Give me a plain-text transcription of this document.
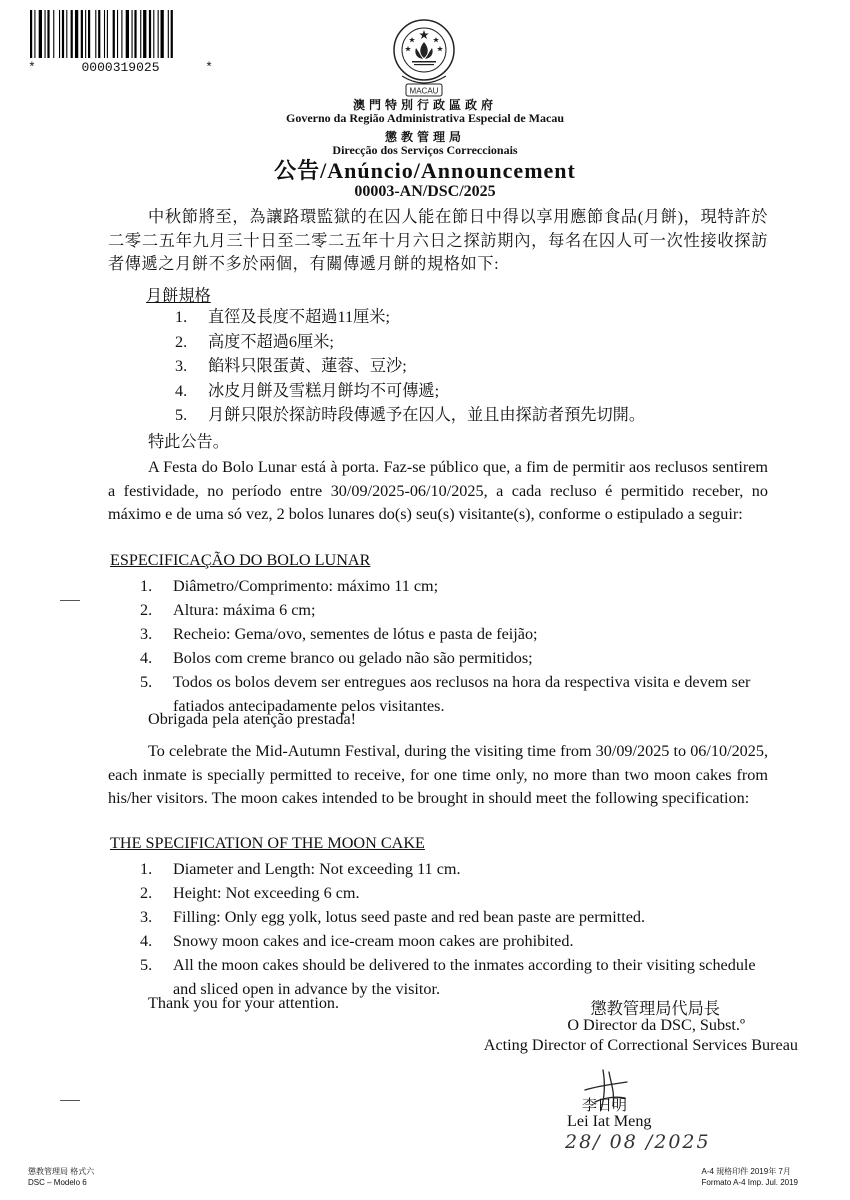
*	0000319025	*
MACAU
澳門特別行政區政府
Governo da Região Administrativa Especial de Macau
懲教管理局
Direcção dos Serviços Correccionais
公告/Anúncio/Announcement
00003-AN/DSC/2025

中秋節將至，為讓路環監獄的在囚人能在節日中得以享用應節食品(月餅)，現特許於二零二五年九月三十日至二零二五年十月六日之探訪期內，每名在囚人可一次性接收探訪者傳遞之月餅不多於兩個，有關傳遞月餅的規格如下:

月餅規格
1.	直徑及長度不超過11厘米;
2.	高度不超過6厘米;
3.	餡料只限蛋黃、蓮蓉、豆沙;
4.	冰皮月餅及雪糕月餅均不可傳遞;
5.	月餅只限於探訪時段傳遞予在囚人，並且由探訪者預先切開。
特此公告。

A Festa do Bolo Lunar está à porta. Faz-se público que, a fim de permitir aos reclusos sentirem a festividade, no período entre 30/09/2025-06/10/2025, a cada recluso é permitido receber, no máximo e de uma só vez, 2 bolos lunares do(s) seu(s) visitante(s), conforme o estipulado a seguir:

ESPECIFICAÇÃO DO BOLO LUNAR
1.	Diâmetro/Comprimento: máximo 11 cm;
2.	Altura: máxima 6 cm;
3.	Recheio: Gema/ovo, sementes de lótus e pasta de feijão;
4.	Bolos com creme branco ou gelado não são permitidos;
5.	Todos os bolos devem ser entregues aos reclusos na hora da respectiva visita e devem ser fatiados antecipadamente pelos visitantes.
Obrigada pela atenção prestada!

To celebrate the Mid-Autumn Festival, during the visiting time from 30/09/2025 to 06/10/2025, each inmate is specially permitted to receive, for one time only, no more than two moon cakes from his/her visitors. The moon cakes intended to be brought in should meet the following specification:

THE SPECIFICATION OF THE MOON CAKE
1.	Diameter and Length: Not exceeding 11 cm.
2.	Height: Not exceeding 6 cm.
3.	Filling: Only egg yolk, lotus seed paste and red bean paste are permitted.
4.	Snowy moon cakes and ice-cream moon cakes are prohibited.
5.	All the moon cakes should be delivered to the inmates according to their visiting schedule and sliced open in advance by the visitor.
Thank you for your attention.	懲教管理局代局長
O Director da DSC, Subst.º
Acting Director of Correctional Services Bureau
李日明
Lei Iat Meng
28/ 08 /2025
懲教管理局 格式六
DSC – Modelo 6
A-4 規格印件 2019年 7月
Formato A-4 Imp. Jul. 2019
